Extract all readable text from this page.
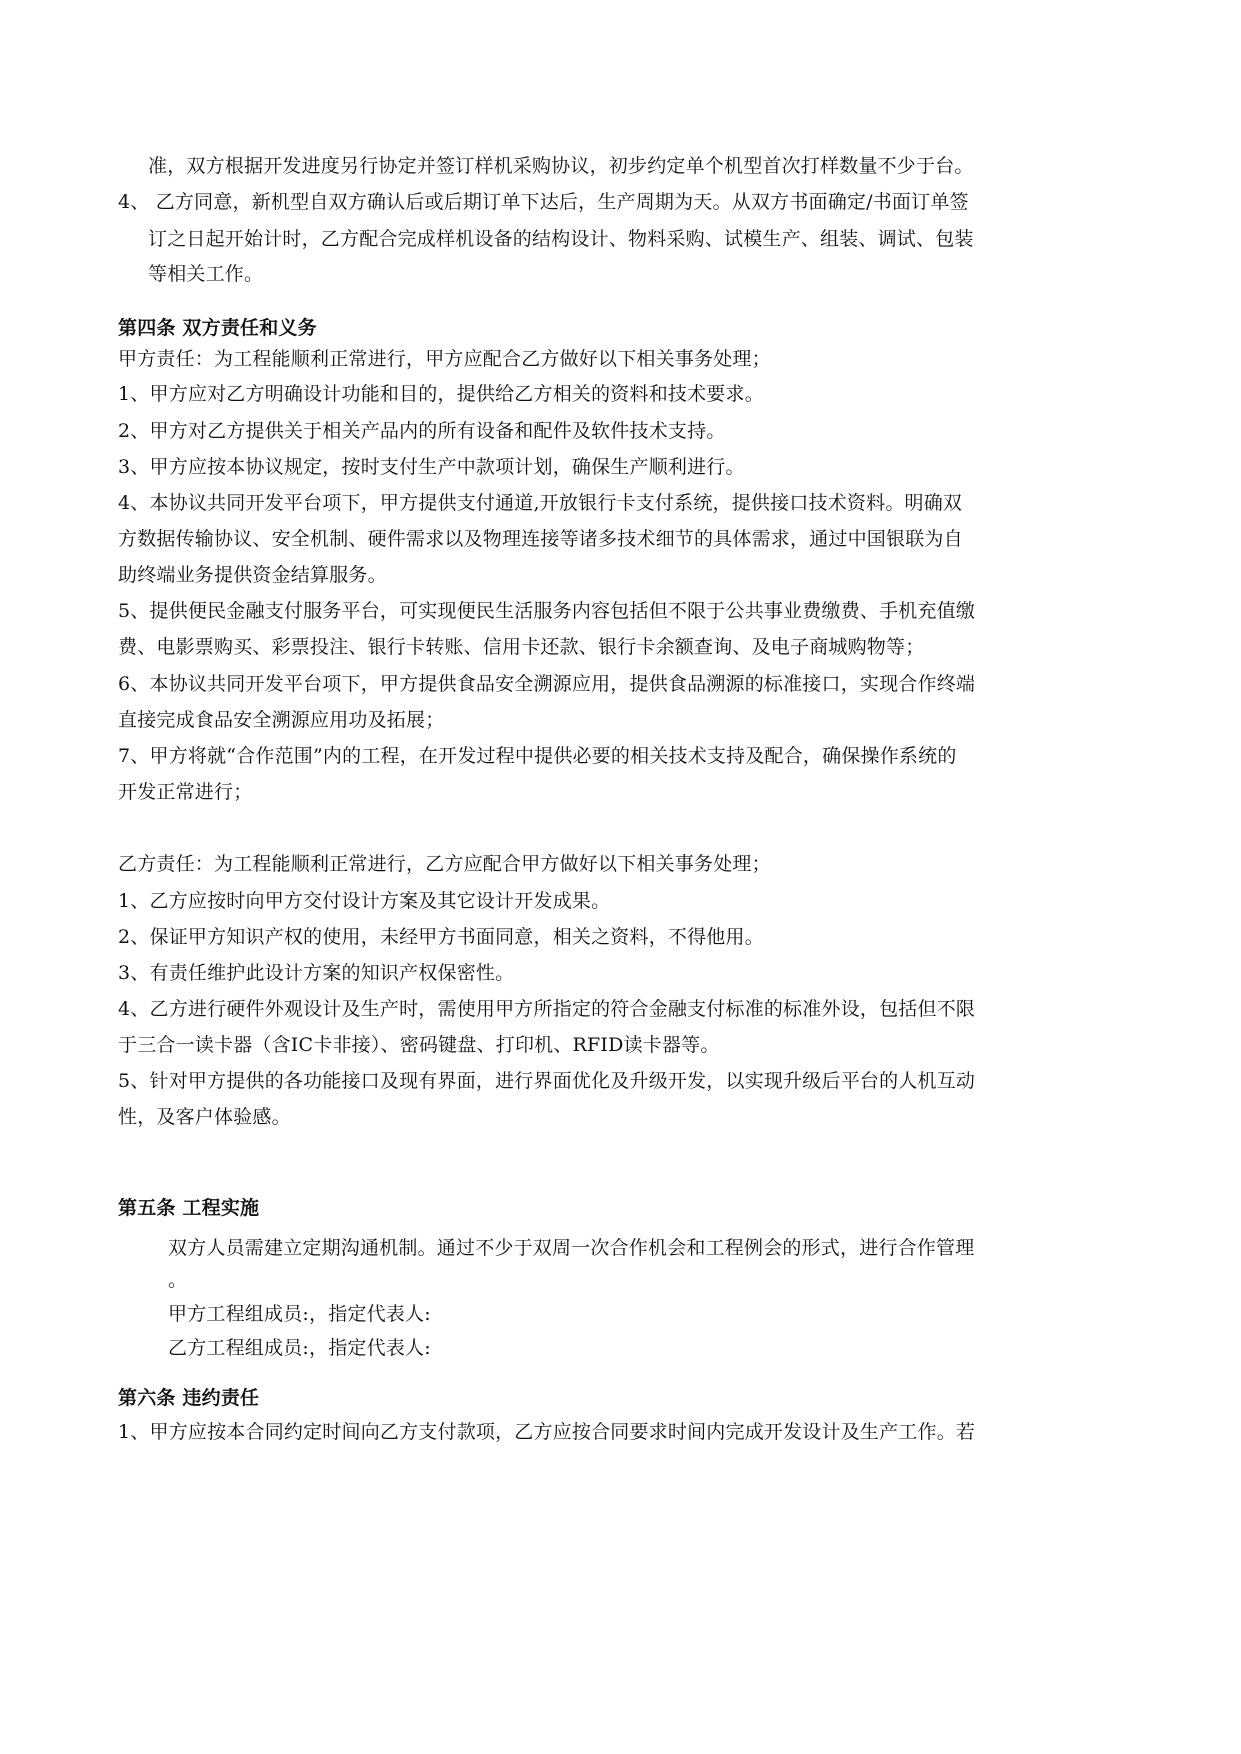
准，双方根据开发进度另行协定并签订样机采购协议，初步约定单个机型首次打样数量不少于台。
4、 乙方同意，新机型自双方确认后或后期订单下达后，生产周期为天。从双方书面确定/书面订单签
订之日起开始计时，乙方配合完成样机设备的结构设计、物料采购、试模生产、组装、调试、包装
等相关工作。
第四条 双方责任和义务
甲方责任：为工程能顺利正常进行，甲方应配合乙方做好以下相关事务处理；
1、甲方应对乙方明确设计功能和目的，提供给乙方相关的资料和技术要求。
2、甲方对乙方提供关于相关产品内的所有设备和配件及软件技术支持。
3、甲方应按本协议规定，按时支付生产中款项计划，确保生产顺利进行。
4、本协议共同开发平台项下，甲方提供支付通道,开放银行卡支付系统，提供接口技术资料。明确双
方数据传输协议、安全机制、硬件需求以及物理连接等诸多技术细节的具体需求，通过中国银联为自
助终端业务提供资金结算服务。
5、提供便民金融支付服务平台，可实现便民生活服务内容包括但不限于公共事业费缴费、手机充值缴
费、电影票购买、彩票投注、银行卡转账、信用卡还款、银行卡余额查询、及电子商城购物等；
6、本协议共同开发平台项下，甲方提供食品安全溯源应用，提供食品溯源的标准接口，实现合作终端
直接完成食品安全溯源应用功及拓展；
7、甲方将就“合作范围”内的工程，在开发过程中提供必要的相关技术支持及配合，确保操作系统的
开发正常进行；
乙方责任：为工程能顺利正常进行，乙方应配合甲方做好以下相关事务处理；
1、乙方应按时向甲方交付设计方案及其它设计开发成果。
2、保证甲方知识产权的使用，未经甲方书面同意，相关之资料，不得他用。
3、有责任维护此设计方案的知识产权保密性。
4、乙方进行硬件外观设计及生产时，需使用甲方所指定的符合金融支付标准的标准外设，包括但不限
于三合一读卡器（含IC卡非接）、密码键盘、打印机、RFID读卡器等。
5、针对甲方提供的各功能接口及现有界面，进行界面优化及升级开发，以实现升级后平台的人机互动
性，及客户体验感。
第五条 工程实施
双方人员需建立定期沟通机制。通过不少于双周一次合作机会和工程例会的形式，进行合作管理
。
甲方工程组成员:，指定代表人:
乙方工程组成员:，指定代表人:
第六条 违约责任
1、甲方应按本合同约定时间向乙方支付款项，乙方应按合同要求时间内完成开发设计及生产工作。若
